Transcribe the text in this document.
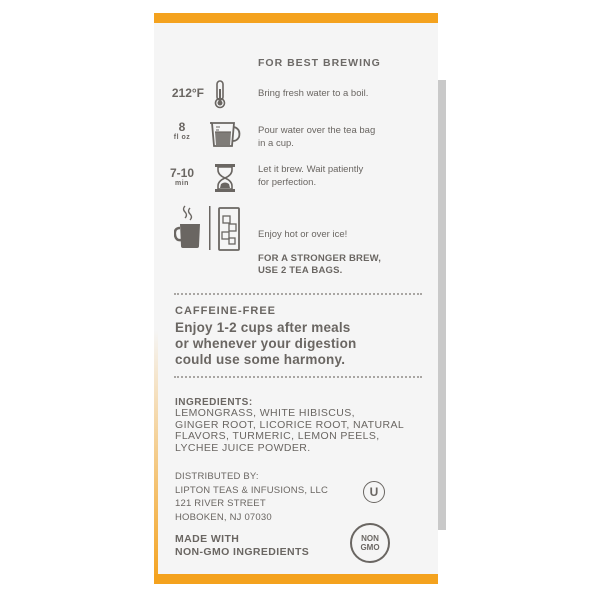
FOR BEST BREWING
212°F	Bring fresh water to a boil.
8
fl oz
Pour water over the tea bag
in a cup.
7-10
min
Let it brew. Wait patiently
for perfection.
Enjoy hot or over ice!
FOR A STRONGER BREW,
USE 2 TEA BAGS.
CAFFEINE-FREE
Enjoy 1-2 cups after meals
or whenever your digestion
could use some harmony.
INGREDIENTS:
LEMONGRASS, WHITE HIBISCUS,
GINGER ROOT, LICORICE ROOT, NATURAL
FLAVORS, TURMERIC, LEMON PEELS,
LYCHEE JUICE POWDER.
DISTRIBUTED BY:
LIPTON TEAS & INFUSIONS, LLC
121 RIVER STREET
HOBOKEN, NJ 07030
U
MADE WITH
NON-GMO INGREDIENTS
NON
GMO
